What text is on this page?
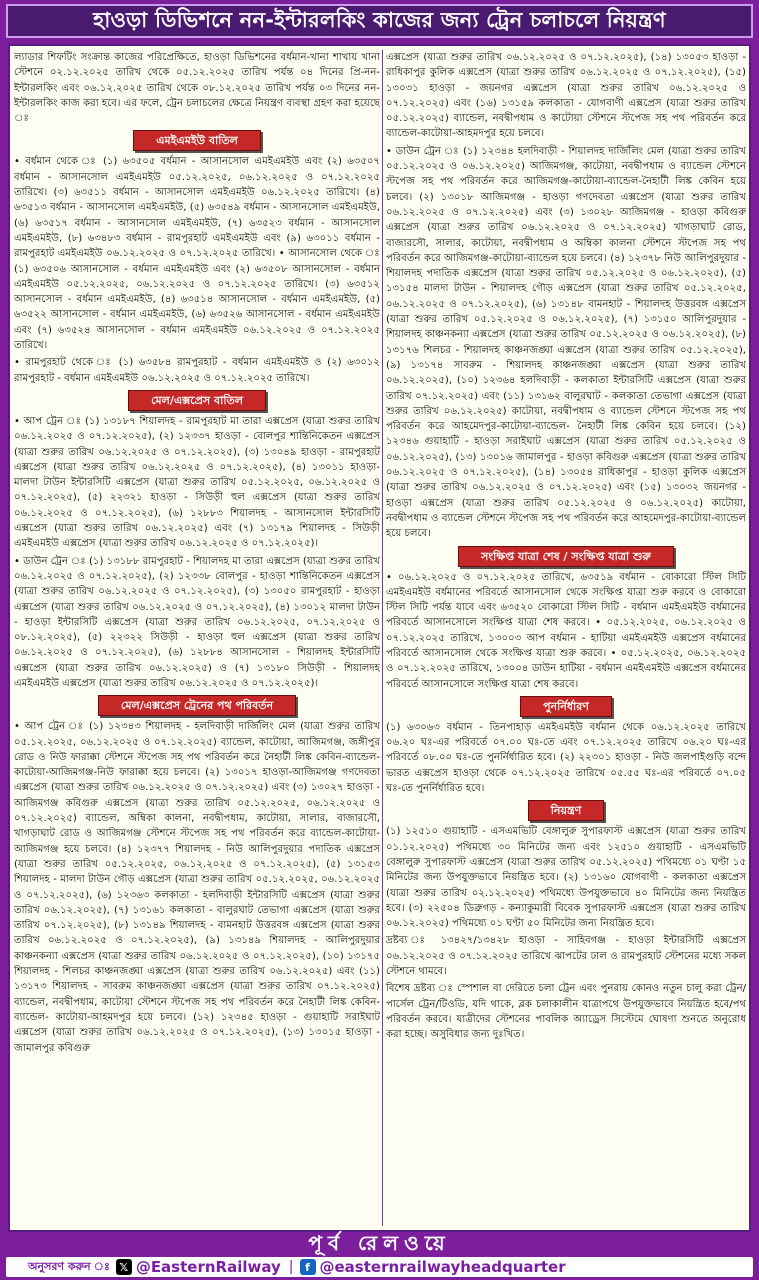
হাওড়া ডিভিশনে নন-ইন্টারলকিং কাজের জন্য ট্রেন চলাচলে নিয়ন্ত্রণ

ল্যাডার শিফটিং সংক্রান্ত কাজের পরিপ্রেক্ষিতে, হাওড়া ডিভিশনের বর্ধমান-খানা শাখায় খানা স্টেশনে ০২.১২.২০২৫ তারিখ থেকে ০৫.১২.২০২৫ তারিখ পর্যন্ত ০৪ দিনের প্রি-নন-ইন্টারলকিং এবং ০৬.১২.২০২৫ তারিখ থেকে ০৮.১২.২০২৫ তারিখ পর্যন্ত ০৩ দিনের নন-ইন্টারলকিং কাজ করা হবে। এর ফলে, ট্রেন চলাচলের ক্ষেত্রে নিয়ন্ত্রণ ব্যবস্থা গ্রহণ করা হয়েছে ঃ

এমইএমইউ বাতিল

• বর্ধমান থেকে ঃ (১) ৬৩৫০৫ বর্ধমান - আসানসোল এমইএমইউ এবং (২) ৬৩৫০৭ বর্ধমান - আসানসোল এমইএমইউ ০৫.১২.২০২৫, ০৬.১২.২০২৫ ও ০৭.১২.২০২৫ তারিখে। (৩) ৬৩৫১১ বর্ধমান - আসানসোল এমইএমইউ ০৬.১২.২০২৫ তারিখে। (৪) ৬৩৫১৩ বর্ধমান - আসানসোল এমইএমইউ, (৫) ৬৩৫৪৯ বর্ধমান - আসানসোল এমইএমইউ, (৬) ৬৩৫১৭ বর্ধমান - আসানসোল এমইএমইউ, (৭) ৬৩৫২৩ বর্ধমান - আসানসোল এমইএমইউ, (৮) ৬৩৪৮৩ বর্ধমান - রামপুরহাট এমইএমইউ এবং (৯) ৬৩০১১ বর্ধমান - রামপুরহাট এমইএমইউ ০৬.১২.২০২৫ ও ০৭.১২.২০২৫ তারিখে। • আসানসোল থেকে ঃ (১) ৬৩৫০৬ আসানসোল - বর্ধমান এমইএমইউ এবং (২) ৬৩৫০৮ আসানসোল - বর্ধমান এমইএমইউ ০৫.১২.২০২৫, ০৬.১২.২০২৫ ও ০৭.১২.২০২৫ তারিখে। (৩) ৬৩৫১২ আসানসোল - বর্ধমান এমইএমইউ, (৪) ৬৩৫১৪ আসানসোল - বর্ধমান এমইএমইউ, (৫) ৬৩৫২২ আসানসোল - বর্ধমান এমইএমইউ, (৬) ৬৩৫২৬ আসানসোল - বর্ধমান এমইএমইউ এবং (৭) ৬৩৫২৪ আসানসোল - বর্ধমান এমইএমইউ ০৬.১২.২০২৫ ও ০৭.১২.২০২৫ তারিখে।

• রামপুরহাট থেকে ঃ (১) ৬৩৫৮৪ রামপুরহাট - বর্ধমান এমইএমইউ ও (২) ৬৩০১২ রামপুরহাট - বর্ধমান এমইএমইউ ০৬.১২.২০২৫ ও ০৭.১২.২০২৫ তারিখে।

মেল/এক্সপ্রেস বাতিল

• আপ ট্রেন ঃ (১) ১৩১৮৭ শিয়ালদহ - রামপুরহাট মা তারা এক্সপ্রেস (যাত্রা শুরুর তারিখ ০৬.১২.২০২৫ ও ০৭.১২.২০২৫), (২) ১২৩৩৭ হাওড়া - বোলপুর শান্তিনিকেতন এক্সপ্রেস (যাত্রা শুরুর তারিখ ০৬.১২.২০২৫ ও ০৭.১২.২০২৫), (৩) ১৩০৪৯ হাওড়া - রামপুরহাট এক্সপ্রেস (যাত্রা শুরুর তারিখ ০৬.১২.২০২৫ ও ০৭.১২.২০২৫), (৪) ১৩০১১ হাওড়া-মালদা টাউন ইন্টারসিটি এক্সপ্রেস (যাত্রা শুরুর তারিখ ০৫.১২.২০২৫, ০৬.১২.২০২৫ ও ০৭.১২.২০২৫), (৫) ২২৩২১ হাওড়া - সিউড়ী হুল এক্সপ্রেস (যাত্রা শুরুর তারিখ ০৬.১২.২০২৫ ও ০৭.১২.২০২৫), (৬) ১২৮৮৩ শিয়ালদহ - আসানসোল ইন্টারসিটি এক্সপ্রেস (যাত্রা শুরুর তারিখ ০৬.১২.২০২৫) এবং (৭) ১৩১৭৯ শিয়ালদহ - সিউড়ী এমইএমইউ এক্সপ্রেস (যাত্রা শুরুর তারিখ ০৬.১২.২০২৫ ও ০৭.১২.২০২৫)।

• ডাউন ট্রেন ঃ (১) ১৩১৮৮ রামপুরহাট - শিয়ালদহ মা তারা এক্সপ্রেস (যাত্রা শুরুর তারিখ ০৬.১২.২০২৫ ও ০৭.১২.২০২৫), (২) ১২৩৩৮ বোলপুর - হাওড়া শান্তিনিকেতন এক্সপ্রেস (যাত্রা শুরুর তারিখ ০৬.১২.২০২৫ ও ০৭.১২.২০২৫), (৩) ১৩০৫০ রামপুরহাট - হাওড়া এক্সপ্রেস (যাত্রা শুরুর তারিখ ০৬.১২.২০২৫ ও ০৭.১২.২০২৫), (৪) ১৩০১২ মালদা টাউন - হাওড়া ইন্টারসিটি এক্সপ্রেস (যাত্রা শুরুর তারিখ ০৬.১২.২০২৫, ০৭.১২.২০২৫ ও ০৮.১২.২০২৫), (৫) ২২৩২২ সিউড়ী - হাওড়া হুল এক্সপ্রেস (যাত্রা শুরুর তারিখ ০৬.১২.২০২৫ ও ০৭.১২.২০২৫), (৬) ১২৮৮৪ আসানসোল - শিয়ালদহ ইন্টারসিটি এক্সপ্রেস (যাত্রা শুরুর তারিখ ০৬.১২.২০২৫) ও (৭) ১৩১৮০ সিউড়ী - শিয়ালদহ এমইএমইউ এক্সপ্রেস (যাত্রা শুরুর তারিখ ০৬.১২.২০২৫ ও ০৭.১২.২০২৫)।

মেল/এক্সপ্রেস ট্রেনের পথ পরিবর্তন

• আপ ট্রেন ঃ (১) ১২৩৪৩ শিয়ালদহ - হলদিবাড়ী দার্জিলিং মেল (যাত্রা শুরুর তারিখ ০৫.১২.২০২৫, ০৬.১২.২০২৫ ও ০৭.১২.২০২৫) ব্যান্ডেল, কাটোয়া, আজিমগঞ্জ, জঙ্গীপুর রোড ও নিউ ফারাক্কা স্টেশনে স্টপেজ সহ পথ পরিবর্তন করে নৈহাটী লিঙ্ক কেবিন-ব্যান্ডেল-কাটোয়া-আজিমগঞ্জ-নিউ ফারাক্কা হয়ে চলবে। (২) ১৩০১৭ হাওড়া-আজিমগঞ্জ গণদেবতা এক্সপ্রেস (যাত্রা শুরুর তারিখ ০৬.১২.২০২৫ ও ০৭.১২.২০২৫) এবং (৩) ১৩০২৭ হাওড়া - আজিমগঞ্জ কবিগুরু এক্সপ্রেস (যাত্রা শুরুর তারিখ ০৫.১২.২০২৫, ০৬.১২.২০২৫ ও ০৭.১২.২০২৫) ব্যান্ডেল, অম্বিকা কালনা, নবদ্বীপধাম, কাটোয়া, সালার, বাজারসৌ, খাগড়াঘাট রোড ও আজিমগঞ্জ স্টেশনে স্টপেজ সহ পথ পরিবর্তন করে ব্যান্ডেল-কাটোয়া-আজিমগঞ্জ হয়ে চলবে। (৪) ১২৩৭৭ শিয়ালদহ - নিউ আলিপুরদুয়ার পদাতিক এক্সপ্রেস (যাত্রা শুরুর তারিখ ০৫.১২.২০২৫, ০৬.১২.২০২৫ ও ০৭.১২.২০২৫), (৫) ১৩১৫৩ শিয়ালদহ - মালদা টাউন গৌড় এক্সপ্রেস (যাত্রা শুরুর তারিখ ০৫.১২.২০২৫, ০৬.১২.২০২৫ ও ০৭.১২.২০২৫), (৬) ১২৩৬৩ কলকাতা - হলদিবাড়ী ইন্টারসিটি এক্সপ্রেস (যাত্রা শুরুর তারিখ ০৬.১২.২০২৫), (৭) ১৩১৬১ কলকাতা - বালুরঘাট তেভাগা এক্সপ্রেস (যাত্রা শুরুর তারিখ ০৭.১২.২০২৫), (৮) ১৩১৪৯ শিয়ালদহ - বামনহাট উত্তরবঙ্গ এক্সপ্রেস (যাত্রা শুরুর তারিখ ০৬.১২.২০২৫ ও ০৭.১২.২০২৫), (৯) ১৩১৪৯ শিয়ালদহ - আলিপুরদুয়ার কাঞ্চনকন্যা এক্সপ্রেস (যাত্রা শুরুর তারিখ ০৬.১২.২০২৫ ও ০৭.১২.২০২৫), (১০) ১৩১৭৫ শিয়ালদহ - শিলচর কাঞ্চনজঙ্ঘা এক্সপ্রেস (যাত্রা শুরুর তারিখ ০৬.১২.২০২৫) এবং (১১) ১৩১৭৩ শিয়ালদহ - সাবরুম কাঞ্চনজঙ্ঘা এক্সপ্রেস (যাত্রা শুরুর তারিখ ০৭.১২.২০২৫) ব্যান্ডেল, নবদ্বীপধাম, কাটোয়া স্টেশনে স্টপেজ সহ পথ পরিবর্তন করে নৈহাটী লিঙ্ক কেবিন-ব্যান্ডেল- কাটোয়া-আহমদপুর হয়ে চলবে। (১২) ১২৩৪৫ হাওড়া - গুয়াহাটি সরাইঘাট এক্সপ্রেস (যাত্রা শুরুর তারিখ ০৬.১২.২০২৫ ও ০৭.১২.২০২৫), (১৩) ১৩০১৫ হাওড়া - জামালপুর কবিগুরু

এক্সপ্রেস (যাত্রা শুরুর তারিখ ০৬.১২.২০২৫ ও ০৭.১২.২০২৫), (১৪) ১৩০৫৩ হাওড়া - রাধিকাপুর কুলিক এক্সপ্রেস (যাত্রা শুরুর তারিখ ০৬.১২.২০২৫ ও ০৭.১২.২০২৫), (১৫) ১৩০৩১ হাওড়া - জয়নগর এক্সপ্রেস (যাত্রা শুরুর তারিখ ০৬.১২.২০২৫ ও ০৭.১২.২০২৫) এবং (১৬) ১৩১৫৯ কলকাতা - যোগবাণী এক্সপ্রেস (যাত্রা শুরুর তারিখ ০৫.১২.২০২৫) ব্যান্ডেল, নবদ্বীপধাম ও কাটোয়া স্টেশনে স্টপেজ সহ পথ পরিবর্তন করে ব্যান্ডেল-কাটোয়া-আহমদপুর হয়ে চলবে।

• ডাউন ট্রেন ঃ (১) ১২৩৪৪ হলদিবাড়ী - শিয়ালদহ দার্জিলিং মেল (যাত্রা শুরুর তারিখ ০৫.১২.২০২৫ ও ০৬.১২.২০২৫) আজিমগঞ্জ, কাটোয়া, নবদ্বীপধাম ও ব্যান্ডেল স্টেশনে স্টপেজ সহ পথ পরিবর্তন করে আজিমগঞ্জ-কাটোয়া-ব্যান্ডেল-নৈহাটী লিঙ্ক কেবিন হয়ে চলবে। (২) ১৩০১৮ আজিমগঞ্জ - হাওড়া গণদেবতা এক্সপ্রেস (যাত্রা শুরুর তারিখ ০৬.১২.২০২৫ ও ০৭.১২.২০২৫) এবং (৩) ১৩০২৮ আজিমগঞ্জ - হাওড়া কবিগুরু এক্সপ্রেস (যাত্রা শুরুর তারিখ ০৬.১২.২০২৫ ও ০৭.১২.২০২৫) খাগড়াঘাট রোড, বাজারসৌ, সালার, কাটোয়া, নবদ্বীপধাম ও অম্বিকা কালনা স্টেশনে স্টপেজ সহ পথ পরিবর্তন করে আজিমগঞ্জ-কাটোয়া-ব্যান্ডেল হয়ে চলবে। (৪) ১২৩৭৮ নিউ আলিপুরদুয়ার - শিয়ালদহ পদাতিক এক্সপ্রেস (যাত্রা শুরুর তারিখ ০৫.১২.২০২৫ ও ০৬.১২.২০২৫), (৫) ১৩১৫৪ মালদা টাউন - শিয়ালদহ গৌড় এক্সপ্রেস (যাত্রা শুরুর তারিখ ০৫.১২.২০২৫, ০৬.১২.২০২৫ ও ০৭.১২.২০২৫), (৬) ১৩১৪৮ বামনহাট - শিয়ালদহ উত্তরবঙ্গ এক্সপ্রেস (যাত্রা শুরুর তারিখ ০৫.১২.২০২৫ ও ০৬.১২.২০২৫), (৭) ১৩১৫০ আলিপুরদুয়ার - শিয়ালদহ কাঞ্চনকন্যা এক্সপ্রেস (যাত্রা শুরুর তারিখ ০৫.১২.২০২৫ ও ০৬.১২.২০২৫), (৮) ১৩১৭৬ শিলচর - শিয়ালদহ কাঞ্চনজঙ্ঘা এক্সপ্রেস (যাত্রা শুরুর তারিখ ০৫.১২.২০২৫), (৯) ১৩১৭৪ সাবরুম - শিয়ালদহ কাঞ্চনজঙ্ঘা এক্সপ্রেস (যাত্রা শুরুর তারিখ ০৬.১২.২০২৫), (১০) ১২৩৬৪ হলদিবাড়ী - কলকাতা ইন্টারসিটি এক্সপ্রেস (যাত্রা শুরুর তারিখ ০৭.১২.২০২৫) এবং (১১) ১৩১৬২ বালুরঘাট - কলকাতা তেভাগা এক্সপ্রেস (যাত্রা শুরুর তারিখ ০৬.১২.২০২৫) কাটোয়া, নবদ্বীপধাম ও ব্যান্ডেল স্টেশনে স্টপেজ সহ পথ পরিবর্তন করে আহমেদপুর-কাটোয়া-ব্যান্ডেল- নৈহাটী লিঙ্ক কেবিন হয়ে চলবে। (১২) ১২৩৪৬ গুয়াহাটি - হাওড়া সরাইঘাট এক্সপ্রেস (যাত্রা শুরুর তারিখ ০৫.১২.২০২৫ ও ০৬.১২.২০২৫), (১৩) ১৩০১৬ জামালপুর - হাওড়া কবিগুরু এক্সপ্রেস (যাত্রা শুরুর তারিখ ০৬.১২.২০২৫ ও ০৭.১২.২০২৫), (১৪) ১৩০৫৪ রাধিকাপুর - হাওড়া কুলিক এক্সপ্রেস (যাত্রা শুরুর তারিখ ০৬.১২.২০২৫ ও ০৭.১২.২০২৫) এবং (১৫) ১৩০৩২ জয়নগর - হাওড়া এক্সপ্রেস (যাত্রা শুরুর তারিখ ০৫.১২.২০২৫ ও ০৬.১২.২০২৫) কাটোয়া, নবদ্বীপধাম ও ব্যান্ডেল স্টেশনে স্টপেজ সহ পথ পরিবর্তন করে আহমেদপুর-কাটোয়া-ব্যান্ডেল হয়ে চলবে।

সংক্ষিপ্ত যাত্রা শেষ / সংক্ষিপ্ত যাত্রা শুরু

• ০৬.১২.২০২৫ ও ০৭.১২.২০২৫ তারিখে, ৬৩৫১৯ বর্ধমান - বোকারো স্টিল সিটি এমইএমইউ বর্ধমানের পরিবর্তে আসানসোল থেকে সংক্ষিপ্ত যাত্রা শুরু করবে ও বোকারো স্টিল সিটি পর্যন্ত যাবে এবং ৬৩৫২০ বোকারো স্টিল সিটি - বর্ধমান এমইএমইউ বর্ধমানের পরিবর্তে আসানসোলে সংক্ষিপ্ত যাত্রা শেষ করবে। • ০৫.১২.২০২৫, ০৬.১২.২০২৫ ও ০৭.১২.২০২৫ তারিখে, ১৩০০৩ আপ বর্ধমান - হাটিয়া এমইএমইউ এক্সপ্রেস বর্ধমানের পরিবর্তে আসানসোল থেকে সংক্ষিপ্ত যাত্রা শুরু করবে। • ০৫.১২.২০২৫, ০৬.১২.২০২৫ ও ০৭.১২.২০২৫ তারিখে, ১৩০০৪ ডাউন হাটিয়া - বর্ধমান এমইএমইউ এক্সপ্রেস বর্ধমানের পরিবর্তে আসানসোলে সংক্ষিপ্ত যাত্রা শেষ করবে।

পুনর্নির্ধারণ

(১) ৬৩০৬৩ বর্ধমান - তিনপাহাড় এমইএমইউ বর্ধমান থেকে ০৬.১২.২০২৫ তারিখে ০৬.২০ ঘঃ-এর পরিবর্তে ০৭.০০ ঘঃ-তে এবং ০৭.১২.২০২৫ তারিখে ০৬.২০ ঘঃ-এর পরিবর্তে ০৮.০০ ঘঃ-তে পুনর্নির্ধারিত হবে। (২) ২২৩০১ হাওড়া - নিউ জলপাইগুড়ি বন্দে ভারত এক্সপ্রেস হাওড়া থেকে ০৭.১২.২০২৫ তারিখে ০৫.৫৫ ঘঃ-এর পরিবর্তে ০৭.০৫ ঘঃ-তে পুনর্নির্ধারিত হবে।

নিয়ন্ত্রণ

(১) ১২৫১০ গুয়াহাটি - এসএমভিটি বেঙ্গালুরু সুপারফাস্ট এক্সপ্রেস (যাত্রা শুরুর তারিখ ০১.১২.২০২৫) পথিমধ্যে ৩০ মিনিটের জন্য এবং ১২৫১০ গুয়াহাটি - এসএমভিটি বেঙ্গালুরু সুপারফাস্ট এক্সপ্রেস (যাত্রা শুরুর তারিখ ০৫.১২.২০২৫) পথিমধ্যে ০১ ঘণ্টা ১৫ মিনিটের জন্য উপযুক্তভাবে নিয়ন্ত্রিত হবে। (২) ১৩১৬০ যোগবাণী - কলকাতা এক্সপ্রেস (যাত্রা শুরুর তারিখ ০২.১২.২০২৫) পথিমধ্যে উপযুক্তভাবে ৪০ মিনিটের জন্য নিয়ন্ত্রিত হবে। (৩) ২২৫০৪ ডিব্রুগড় - কন্যাকুমারী বিবেক সুপারফাস্ট এক্সপ্রেস (যাত্রা শুরুর তারিখ ০৬.১২.২০২৫) পথিমধ্যে ০১ ঘণ্টা ৫০ মিনিটের জন্য নিয়ন্ত্রিত হবে।

দ্রষ্টব্য ঃ ১৩৪২৭/১৩৪২৮ হাওড়া - সাহিবগঞ্জ - হাওড়া ইন্টারসিটি এক্সপ্রেস ০৬.১২.২০২৫ ও ০৭.১২.২০২৫ তারিখে ঝাপটের ঢাল ও রামপুরহাট স্টেশনের মধ্যে সকল স্টেশনে থামবে।

বিশেষ দ্রষ্টব্য ঃ স্পেশাল বা দেরিতে চলা ট্রেন এবং পুনরায় কোনও নতুন চালু করা ট্রেন/পার্সেল ট্রেন/টিওডি, যদি থাকে, ব্লক চলাকালীন যাত্রাপথে উপযুক্তভাবে নিয়ন্ত্রিত হবে/পথ পরিবর্তন করবে। যাত্রীদের স্টেশনের পাবলিক অ্যাড্রেস সিস্টেমে ঘোষণা শুনতে অনুরোধ করা হচ্ছে। অসুবিধার জন্য দুঃখিত।

পূর্ব রেলওয়ে
অনুসরণ করুন ঃ 𝕏 @EasternRailway |	f @easternrailwayheadquarter
